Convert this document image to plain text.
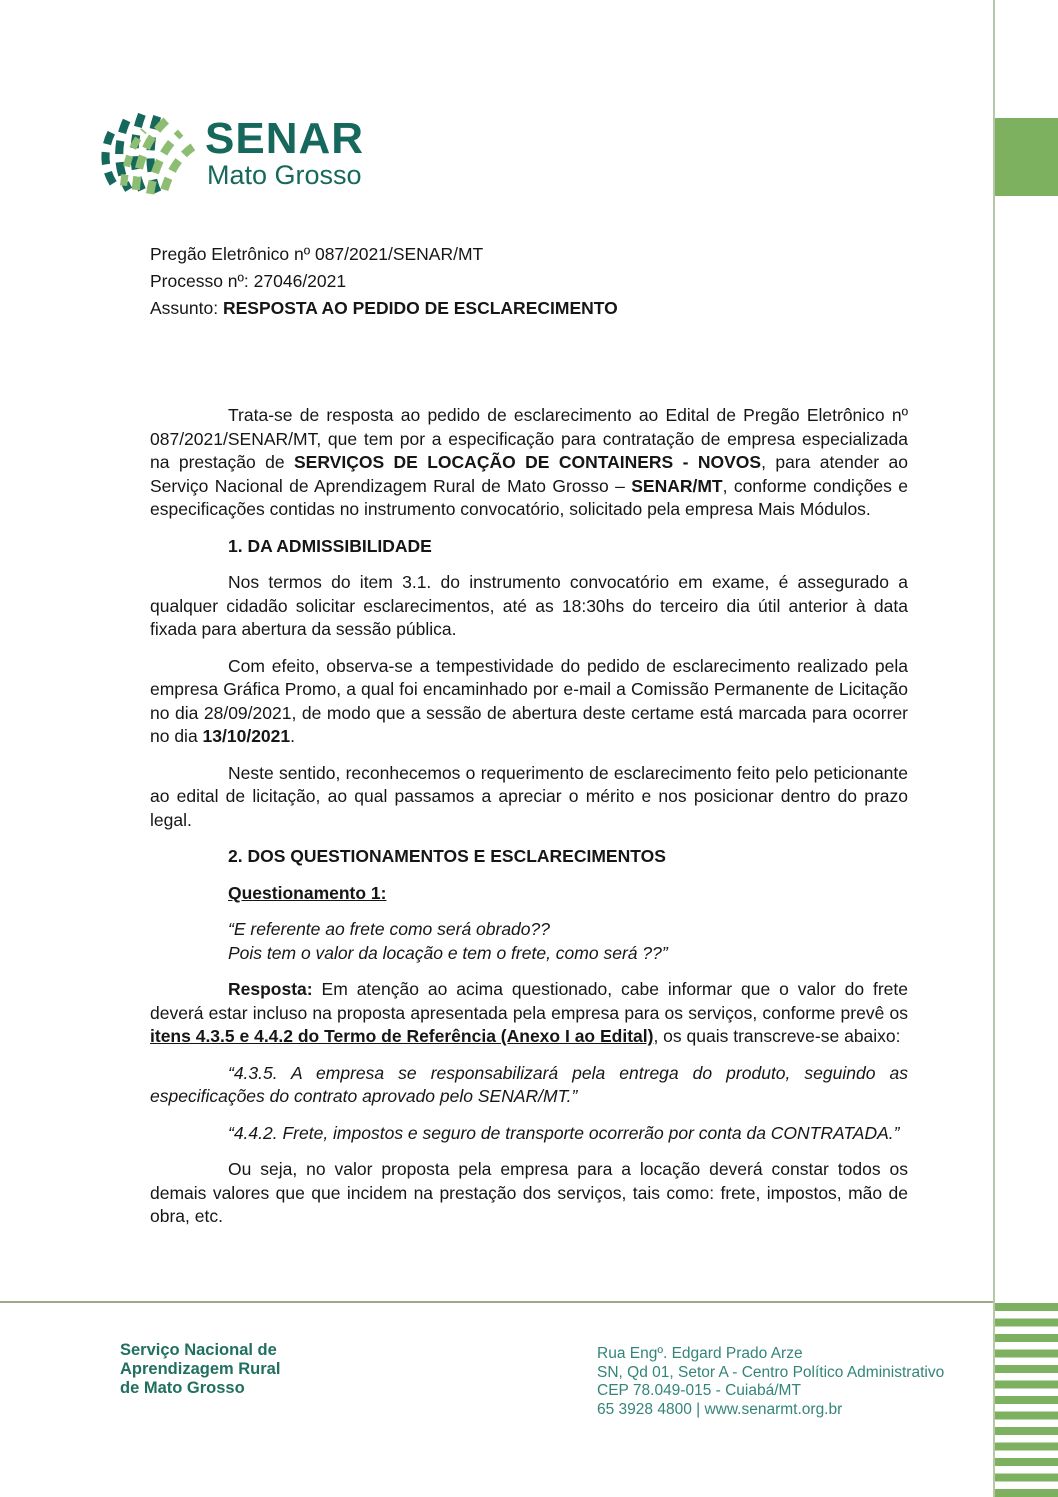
SENAR
Mato Grosso
Pregão Eletrônico nº 087/2021/SENAR/MT
Processo nº: 27046/2021
Assunto: RESPOSTA AO PEDIDO DE ESCLARECIMENTO

Trata-se de resposta ao pedido de esclarecimento ao Edital de Pregão Eletrônico nº 087/2021/SENAR/MT, que tem por a especificação para contratação de empresa especializada na prestação de SERVIÇOS DE LOCAÇÃO DE CONTAINERS - NOVOS, para atender ao Serviço Nacional de Aprendizagem Rural de Mato Grosso – SENAR/MT, conforme condições e especificações contidas no instrumento convocatório, solicitado pela empresa Mais Módulos.

1. DA ADMISSIBILIDADE

Nos termos do item 3.1. do instrumento convocatório em exame, é assegurado a qualquer cidadão solicitar esclarecimentos, até as 18:30hs do terceiro dia útil anterior à data fixada para abertura da sessão pública.

Com efeito, observa-se a tempestividade do pedido de esclarecimento realizado pela empresa Gráfica Promo, a qual foi encaminhado por e-mail a Comissão Permanente de Licitação no dia 28/09/2021, de modo que a sessão de abertura deste certame está marcada para ocorrer no dia 13/10/2021.

Neste sentido, reconhecemos o requerimento de esclarecimento feito pelo peticionante ao edital de licitação, ao qual passamos a apreciar o mérito e nos posicionar dentro do prazo legal.

2. DOS QUESTIONAMENTOS E ESCLARECIMENTOS

Questionamento 1:

“E referente ao frete como será obrado??
Pois tem o valor da locação e tem o frete, como será ??”

Resposta: Em atenção ao acima questionado, cabe informar que o valor do frete deverá estar incluso na proposta apresentada pela empresa para os serviços, conforme prevê os itens 4.3.5 e 4.4.2 do Termo de Referência (Anexo I ao Edital), os quais transcreve-se abaixo:

“4.3.5. A empresa se responsabilizará pela entrega do produto, seguindo as especificações do contrato aprovado pelo SENAR/MT.”

“4.4.2. Frete, impostos e seguro de transporte ocorrerão por conta da CONTRATADA.”

Ou seja, no valor proposta pela empresa para a locação deverá constar todos os demais valores que que incidem na prestação dos serviços, tais como: frete, impostos, mão de obra, etc.

Serviço Nacional de
Aprendizagem Rural
de Mato Grosso
Rua Engº. Edgard Prado Arze
SN, Qd 01, Setor A - Centro Político Administrativo
CEP 78.049-015 - Cuiabá/MT
65 3928 4800 | www.senarmt.org.br
